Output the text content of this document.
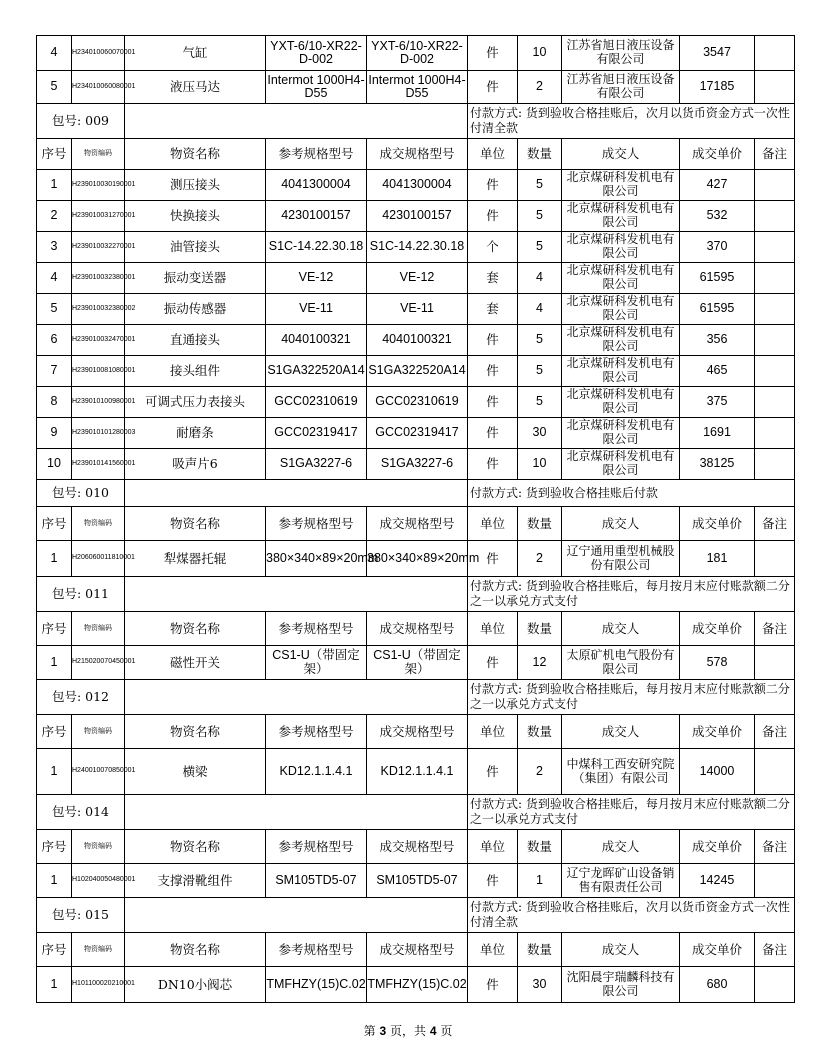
4	H234010060070001	气缸	YXT-6/10-XR22-D-002	YXT-6/10-XR22-D-002	件	10	江苏省旭日液压设备有限公司	3547	
5	H234010060080001	液压马达	Intermot 1000H4-D55	Intermot 1000H4-D55	件	2	江苏省旭日液压设备有限公司	17185	
包号: 009					付款方式: 货到验收合格挂账后，次月以货币资金方式一次性付清全款				
序号	物资编码	物资名称	参考规格型号	成交规格型号	单位	数量	成交人	成交单价	备注
1	H239010030190001	测压接头	4041300004	4041300004	件	5	北京煤研科发机电有限公司	427	
2	H239010031270001	快换接头	4230100157	4230100157	件	5	北京煤研科发机电有限公司	532	
3	H239010032270001	油管接头	S1C-14.22.30.18	S1C-14.22.30.18	个	5	北京煤研科发机电有限公司	370	
4	H239010032380001	振动变送器	VE-12	VE-12	套	4	北京煤研科发机电有限公司	61595	
5	H239010032380002	振动传感器	VE-11	VE-11	套	4	北京煤研科发机电有限公司	61595	
6	H239010032470001	直通接头	4040100321	4040100321	件	5	北京煤研科发机电有限公司	356	
7	H239010081080001	接头组件	S1GA322520A14	S1GA322520A14	件	5	北京煤研科发机电有限公司	465	
8	H239010100980001	可调式压力表接头	GCC02310619	GCC02310619	件	5	北京煤研科发机电有限公司	375	
9	H239010101280003	耐磨条	GCC02319417	GCC02319417	件	30	北京煤研科发机电有限公司	1691	
10	H239010141560001	吸声片6	S1GA3227-6	S1GA3227-6	件	10	北京煤研科发机电有限公司	38125	
包号: 010					付款方式: 货到验收合格挂账后付款				
序号	物资编码	物资名称	参考规格型号	成交规格型号	单位	数量	成交人	成交单价	备注
1	H206060011810001	犁煤器托辊	380×340×89×20mm	380×340×89×20mm	件	2	辽宁通用重型机械股份有限公司	181	
包号: 011					付款方式: 货到验收合格挂账后，每月按月末应付账款额二分之一以承兑方式支付				
序号	物资编码	物资名称	参考规格型号	成交规格型号	单位	数量	成交人	成交单价	备注
1	H215020070450001	磁性开关	CS1-U（带固定架）	CS1-U（带固定架）	件	12	太原矿机电气股份有限公司	578	
包号: 012					付款方式: 货到验收合格挂账后，每月按月末应付账款额二分之一以承兑方式支付				
序号	物资编码	物资名称	参考规格型号	成交规格型号	单位	数量	成交人	成交单价	备注
1	H240010070850001	横梁	KD12.1.1.4.1	KD12.1.1.4.1	件	2	中煤科工西安研究院（集团）有限公司	14000	
包号: 014					付款方式: 货到验收合格挂账后，每月按月末应付账款额二分之一以承兑方式支付				
序号	物资编码	物资名称	参考规格型号	成交规格型号	单位	数量	成交人	成交单价	备注
1	H102040050480001	支撑滑靴组件	SM105TD5-07	SM105TD5-07	件	1	辽宁龙晖矿山设备销售有限责任公司	14245	
包号: 015					付款方式: 货到验收合格挂账后，次月以货币资金方式一次性付清全款				
序号	物资编码	物资名称	参考规格型号	成交规格型号	单位	数量	成交人	成交单价	备注
1	H101100020210001	DN10小阀芯	TMFHZY(15)C.02	TMFHZY(15)C.02	件	30	沈阳晨宇瑞麟科技有限公司	680	
第 3 页，共 4 页
